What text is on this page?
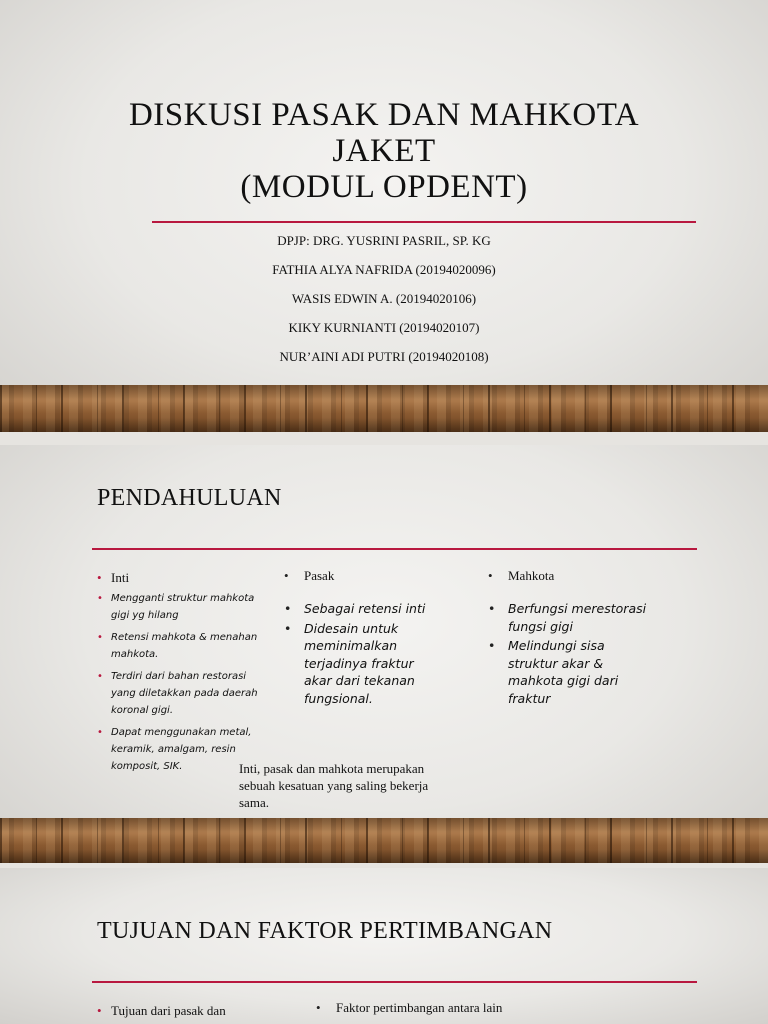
DISKUSI PASAK DAN MAHKOTA
JAKET
(MODUL OPDENT)
DPJP: DRG. YUSRINI PASRIL, SP. KG
FATHIA ALYA NAFRIDA (20194020096)
WASIS EDWIN A. (20194020106)
KIKY KURNIANTI (20194020107)
NUR’AINI ADI PUTRI (20194020108)
PENDAHULUAN
• Inti
• Mengganti struktur mahkota gigi yg hilang
• Retensi mahkota & menahan mahkota.
• Terdiri dari bahan restorasi yang diletakkan pada daerah koronal gigi.
• Dapat menggunakan metal, keramik, amalgam, resin komposit, SIK.
• Pasak
• Sebagai retensi inti
• Didesain untuk meminimalkan terjadinya fraktur akar dari tekanan fungsional.
• Mahkota
• Berfungsi merestorasi fungsi gigi
• Melindungi sisa struktur akar & mahkota gigi dari fraktur
Inti, pasak dan mahkota merupakan sebuah kesatuan yang saling bekerja sama.
TUJUAN DAN FAKTOR PERTIMBANGAN
• Tujuan dari pasak dan	• Faktor pertimbangan antara lain
